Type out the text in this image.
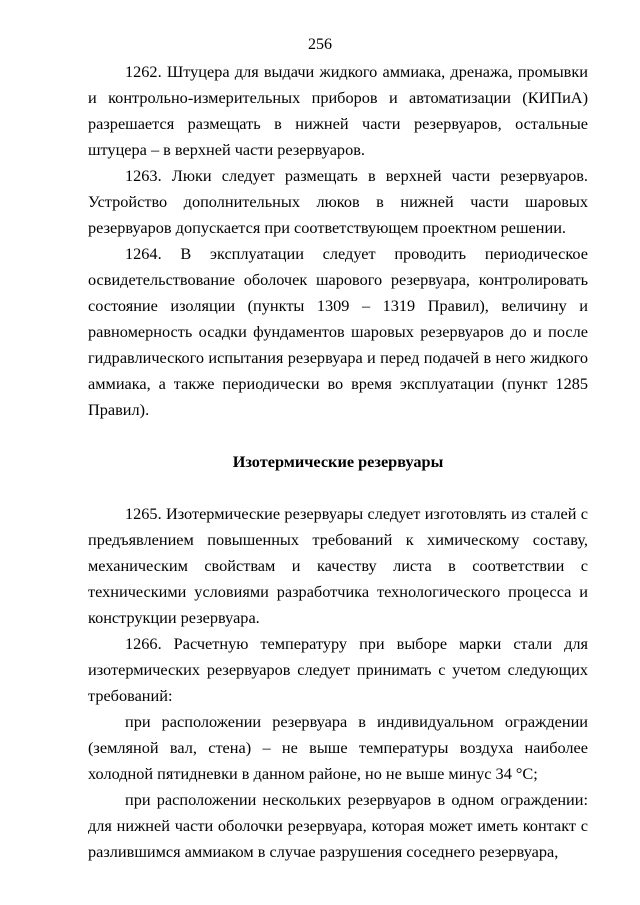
256

1262. Штуцера для выдачи жидкого аммиака, дренажа, промывки и контрольно-измерительных приборов и автоматизации (КИПиА) разрешается размещать в нижней части резервуаров, остальные штуцера – в верхней части резервуаров.

1263. Люки следует размещать в верхней части резервуаров. Устройство дополнительных люков в нижней части шаровых резервуаров допускается при соответствующем проектном решении.

1264. В эксплуатации следует проводить периодическое освидетельствование оболочек шарового резервуара, контролировать состояние изоляции (пункты 1309 – 1319 Правил), величину и равномерность осадки фундаментов шаровых резервуаров до и после гидравлического испытания резервуара и перед подачей в него жидкого аммиака, а также периодически во время эксплуатации (пункт 1285 Правил).

Изотермические резервуары

1265. Изотермические резервуары следует изготовлять из сталей с предъявлением повышенных требований к химическому составу, механическим свойствам и качеству листа в соответствии с техническими условиями разработчика технологического процесса и конструкции резервуара.

1266. Расчетную температуру при выборе марки стали для изотермических резервуаров следует принимать с учетом следующих требований:

при расположении резервуара в индивидуальном ограждении (земляной вал, стена) – не выше температуры воздуха наиболее холодной пятидневки в данном районе, но не выше минус 34 °С;

при расположении нескольких резервуаров в одном ограждении: для нижней части оболочки резервуара, которая может иметь контакт с разлившимся аммиаком в случае разрушения соседнего резервуара,
